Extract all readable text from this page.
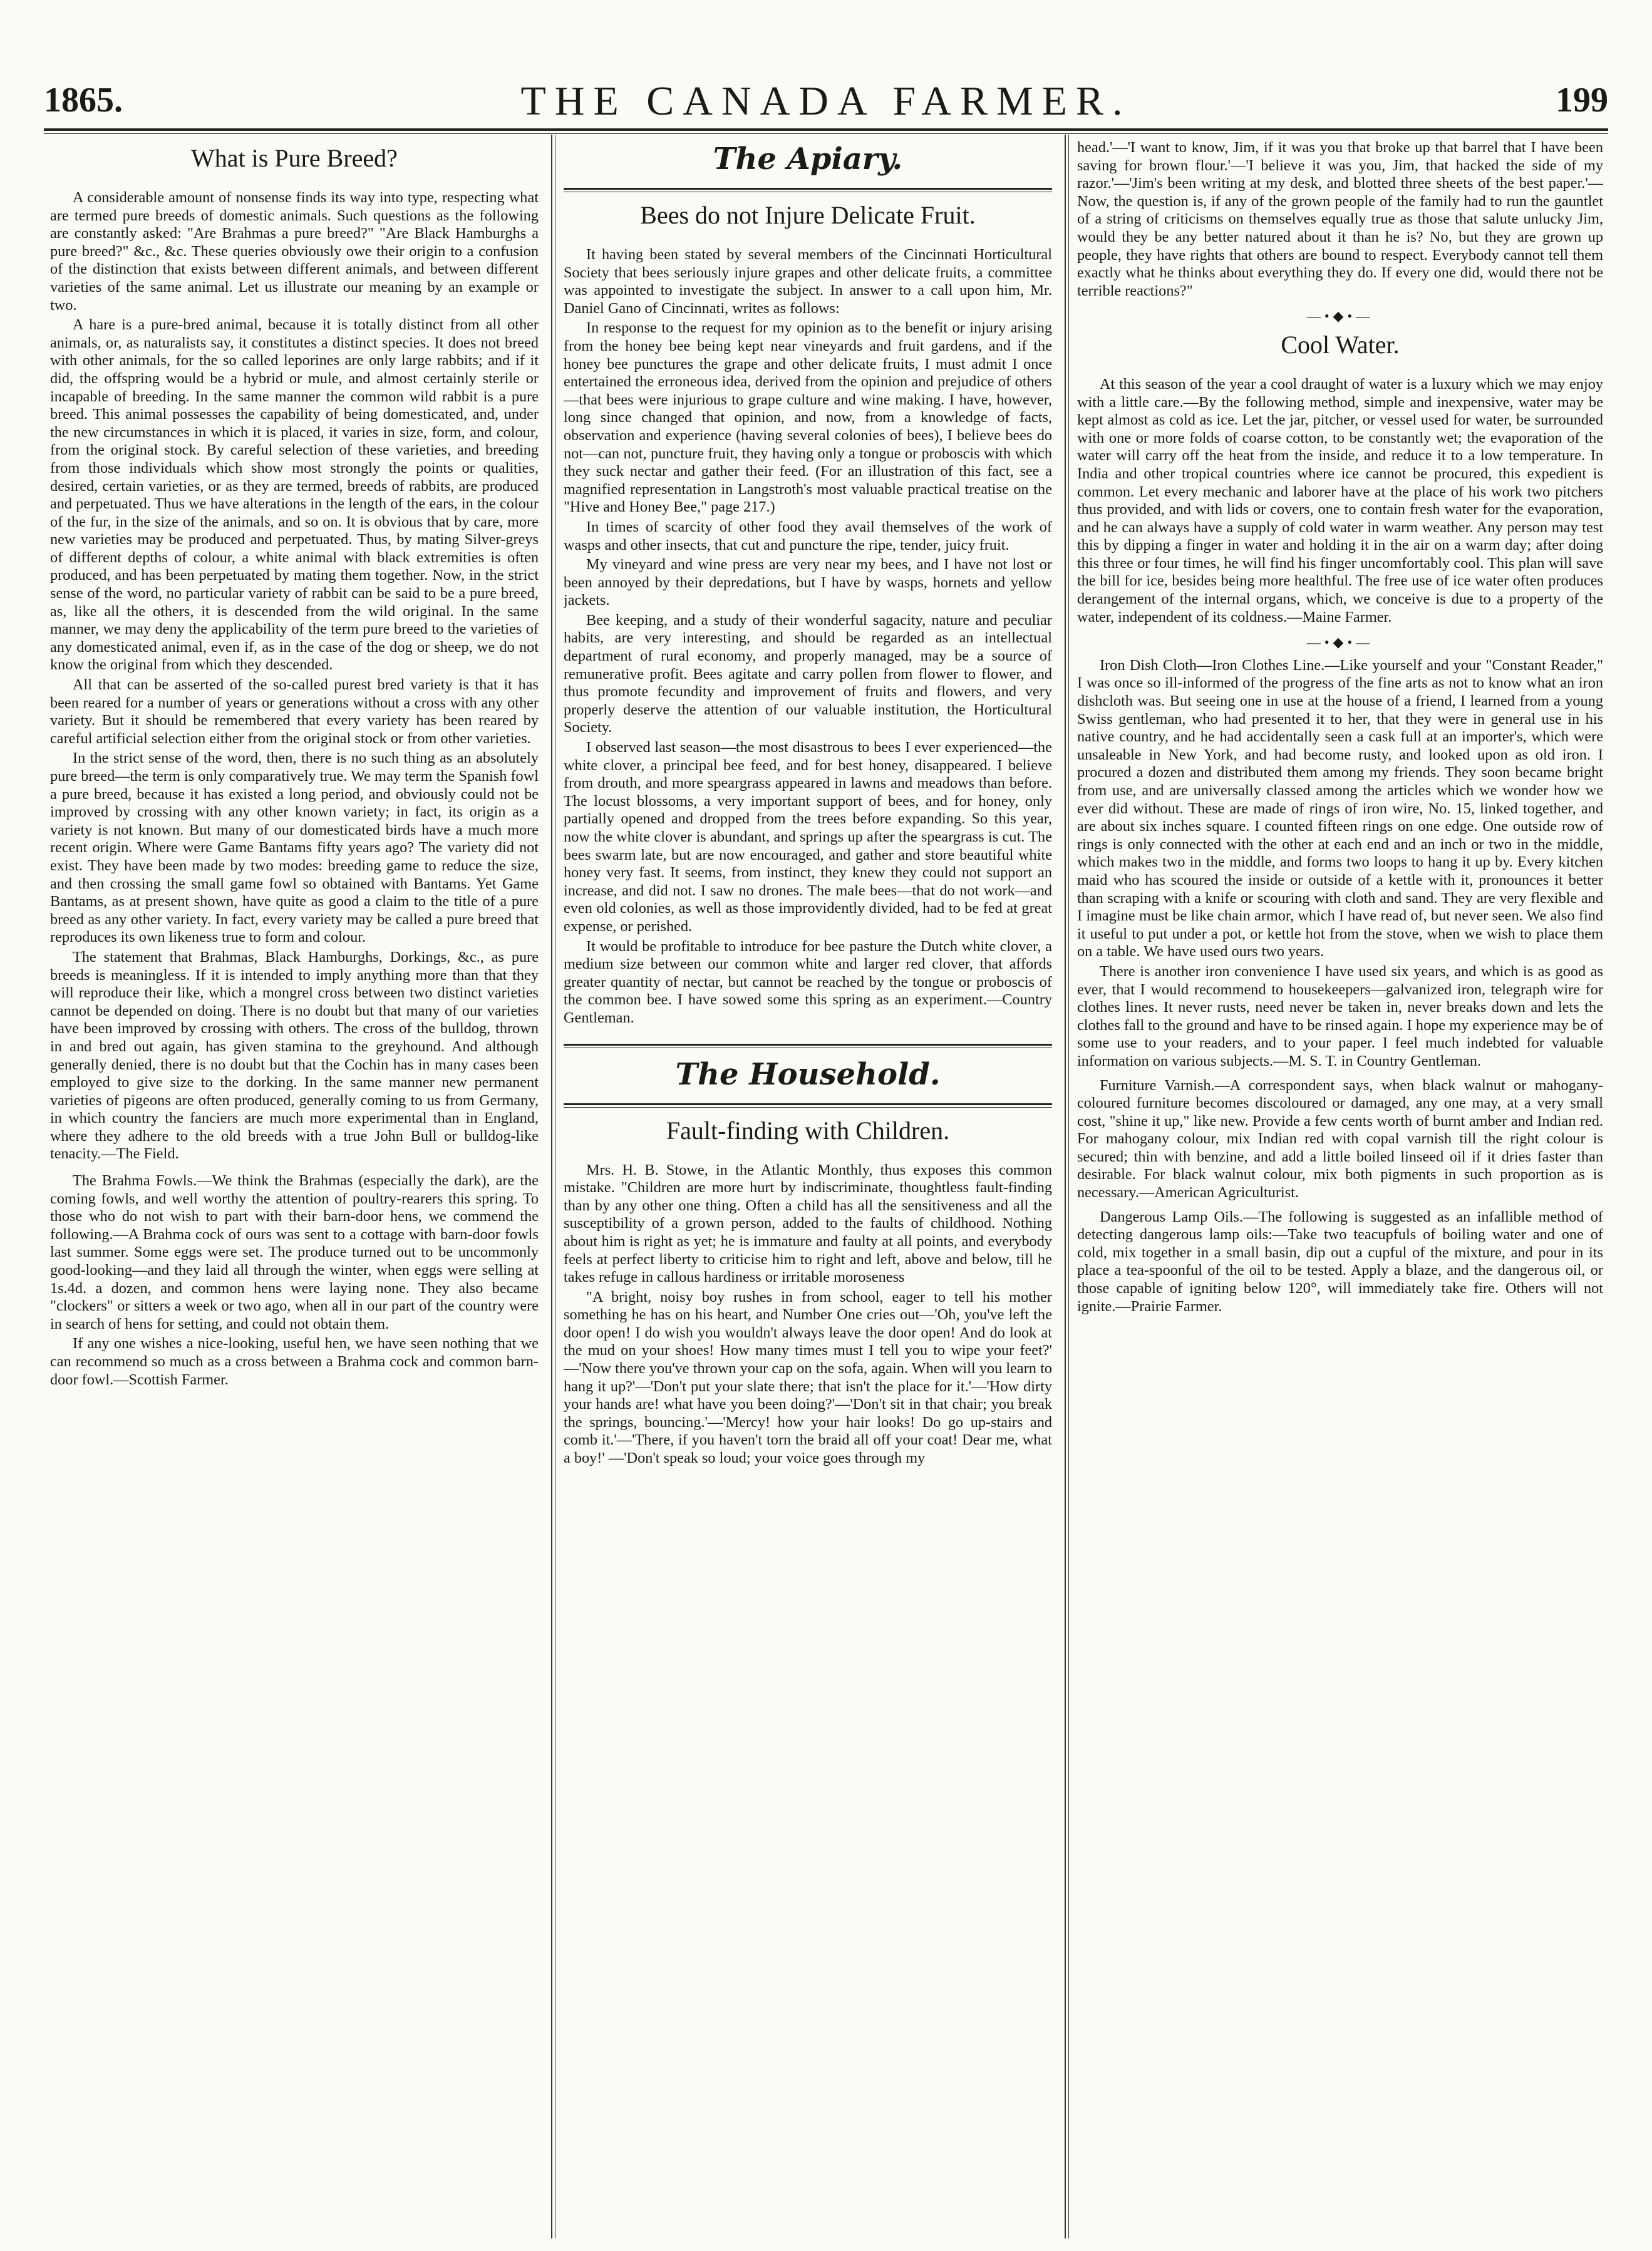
1865.	THE CANADA FARMER.	199
What is Pure Breed?

A considerable amount of nonsense finds its way into type, respecting what are termed pure breeds of domestic animals. Such questions as the following are constantly asked: "Are Brahmas a pure breed?" "Are Black Hamburghs a pure breed?" &c., &c. These queries obviously owe their origin to a confusion of the distinction that exists between different animals, and between different varieties of the same animal. Let us illustrate our meaning by an example or two.

A hare is a pure-bred animal, because it is totally distinct from all other animals, or, as naturalists say, it constitutes a distinct species. It does not breed with other animals, for the so called leporines are only large rabbits; and if it did, the offspring would be a hybrid or mule, and almost certainly sterile or incapable of breeding. In the same manner the common wild rabbit is a pure breed. This animal possesses the capability of being domesticated, and, under the new circumstances in which it is placed, it varies in size, form, and colour, from the original stock. By careful selection of these varieties, and breeding from those individuals which show most strongly the points or qualities, desired, certain varieties, or as they are termed, breeds of rabbits, are produced and perpetuated. Thus we have alterations in the length of the ears, in the colour of the fur, in the size of the animals, and so on. It is obvious that by care, more new varieties may be produced and perpetuated. Thus, by mating Silver-greys of different depths of colour, a white animal with black extremities is often produced, and has been perpetuated by mating them together. Now, in the strict sense of the word, no particular variety of rabbit can be said to be a pure breed, as, like all the others, it is descended from the wild original. In the same manner, we may deny the applicability of the term pure breed to the varieties of any domesticated animal, even if, as in the case of the dog or sheep, we do not know the original from which they descended.

All that can be asserted of the so-called purest bred variety is that it has been reared for a number of years or generations without a cross with any other variety. But it should be remembered that every variety has been reared by careful artificial selection either from the original stock or from other varieties.

In the strict sense of the word, then, there is no such thing as an absolutely pure breed—the term is only comparatively true. We may term the Spanish fowl a pure breed, because it has existed a long period, and obviously could not be improved by crossing with any other known variety; in fact, its origin as a variety is not known. But many of our domesticated birds have a much more recent origin. Where were Game Bantams fifty years ago? The variety did not exist. They have been made by two modes: breeding game to reduce the size, and then crossing the small game fowl so obtained with Bantams. Yet Game Bantams, as at present shown, have quite as good a claim to the title of a pure breed as any other variety. In fact, every variety may be called a pure breed that reproduces its own likeness true to form and colour.

The statement that Brahmas, Black Hamburghs, Dorkings, &c., as pure breeds is meaningless. If it is intended to imply anything more than that they will reproduce their like, which a mongrel cross between two distinct varieties cannot be depended on doing. There is no doubt but that many of our varieties have been improved by crossing with others. The cross of the bulldog, thrown in and bred out again, has given stamina to the greyhound. And although generally denied, there is no doubt but that the Cochin has in many cases been employed to give size to the dorking. In the same manner new permanent varieties of pigeons are often produced, generally coming to us from Germany, in which country the fanciers are much more experimental than in England, where they adhere to the old breeds with a true John Bull or bulldog-like tenacity.—The Field.

The Brahma Fowls.—We think the Brahmas (especially the dark), are the coming fowls, and well worthy the attention of poultry-rearers this spring. To those who do not wish to part with their barn-door hens, we commend the following.—A Brahma cock of ours was sent to a cottage with barn-door fowls last summer. Some eggs were set. The produce turned out to be uncommonly good-looking—and they laid all through the winter, when eggs were selling at 1s.4d. a dozen, and common hens were laying none. They also became "clockers" or sitters a week or two ago, when all in our part of the country were in search of hens for setting, and could not obtain them.

If any one wishes a nice-looking, useful hen, we have seen nothing that we can recommend so much as a cross between a Brahma cock and common barn-door fowl.—Scottish Farmer.

The Apiary.
Bees do not Injure Delicate Fruit.

It having been stated by several members of the Cincinnati Horticultural Society that bees seriously injure grapes and other delicate fruits, a committee was appointed to investigate the subject. In answer to a call upon him, Mr. Daniel Gano of Cincinnati, writes as follows:

In response to the request for my opinion as to the benefit or injury arising from the honey bee being kept near vineyards and fruit gardens, and if the honey bee punctures the grape and other delicate fruits, I must admit I once entertained the erroneous idea, derived from the opinion and prejudice of others—that bees were injurious to grape culture and wine making. I have, however, long since changed that opinion, and now, from a knowledge of facts, observation and experience (having several colonies of bees), I believe bees do not—can not, puncture fruit, they having only a tongue or proboscis with which they suck nectar and gather their feed. (For an illustration of this fact, see a magnified representation in Langstroth's most valuable practical treatise on the "Hive and Honey Bee," page 217.)

In times of scarcity of other food they avail themselves of the work of wasps and other insects, that cut and puncture the ripe, tender, juicy fruit.

My vineyard and wine press are very near my bees, and I have not lost or been annoyed by their depredations, but I have by wasps, hornets and yellow jackets.

Bee keeping, and a study of their wonderful sagacity, nature and peculiar habits, are very interesting, and should be regarded as an intellectual department of rural economy, and properly managed, may be a source of remunerative profit. Bees agitate and carry pollen from flower to flower, and thus promote fecundity and improvement of fruits and flowers, and very properly deserve the attention of our valuable institution, the Horticultural Society.

I observed last season—the most disastrous to bees I ever experienced—the white clover, a principal bee feed, and for best honey, disappeared. I believe from drouth, and more speargrass appeared in lawns and meadows than before. The locust blossoms, a very important support of bees, and for honey, only partially opened and dropped from the trees before expanding. So this year, now the white clover is abundant, and springs up after the speargrass is cut. The bees swarm late, but are now encouraged, and gather and store beautiful white honey very fast. It seems, from instinct, they knew they could not support an increase, and did not. I saw no drones. The male bees—that do not work—and even old colonies, as well as those improvidently divided, had to be fed at great expense, or perished.

It would be profitable to introduce for bee pasture the Dutch white clover, a medium size between our common white and larger red clover, that affords greater quantity of nectar, but cannot be reached by the tongue or proboscis of the common bee. I have sowed some this spring as an experiment.—Country Gentleman.

The Household.
Fault-finding with Children.

Mrs. H. B. Stowe, in the Atlantic Monthly, thus exposes this common mistake. "Children are more hurt by indiscriminate, thoughtless fault-finding than by any other one thing. Often a child has all the sensitiveness and all the susceptibility of a grown person, added to the faults of childhood. Nothing about him is right as yet; he is immature and faulty at all points, and everybody feels at perfect liberty to criticise him to right and left, above and below, till he takes refuge in callous hardiness or irritable moroseness

"A bright, noisy boy rushes in from school, eager to tell his mother something he has on his heart, and Number One cries out—'Oh, you've left the door open! I do wish you wouldn't always leave the door open! And do look at the mud on your shoes! How many times must I tell you to wipe your feet?' —'Now there you've thrown your cap on the sofa, again. When will you learn to hang it up?'—'Don't put your slate there; that isn't the place for it.'—'How dirty your hands are! what have you been doing?'—'Don't sit in that chair; you break the springs, bouncing.'—'Mercy! how your hair looks! Do go up-stairs and comb it.'—'There, if you haven't torn the braid all off your coat! Dear me, what a boy!' —'Don't speak so loud; your voice goes through my

head.'—'I want to know, Jim, if it was you that broke up that barrel that I have been saving for brown flour.'—'I believe it was you, Jim, that hacked the side of my razor.'—'Jim's been writing at my desk, and blotted three sheets of the best paper.'—Now, the question is, if any of the grown people of the family had to run the gauntlet of a string of criticisms on themselves equally true as those that salute unlucky Jim, would they be any better natured about it than he is? No, but they are grown up people, they have rights that others are bound to respect. Everybody cannot tell them exactly what he thinks about everything they do. If every one did, would there not be terrible reactions?"

—•◆•—
Cool Water.

At this season of the year a cool draught of water is a luxury which we may enjoy with a little care.—By the following method, simple and inexpensive, water may be kept almost as cold as ice. Let the jar, pitcher, or vessel used for water, be surrounded with one or more folds of coarse cotton, to be constantly wet; the evaporation of the water will carry off the heat from the inside, and reduce it to a low temperature. In India and other tropical countries where ice cannot be procured, this expedient is common. Let every mechanic and laborer have at the place of his work two pitchers thus provided, and with lids or covers, one to contain fresh water for the evaporation, and he can always have a supply of cold water in warm weather. Any person may test this by dipping a finger in water and holding it in the air on a warm day; after doing this three or four times, he will find his finger uncomfortably cool. This plan will save the bill for ice, besides being more healthful. The free use of ice water often produces derangement of the internal organs, which, we conceive is due to a property of the water, independent of its coldness.—Maine Farmer.

—•◆•—

Iron Dish Cloth—Iron Clothes Line.—Like yourself and your "Constant Reader," I was once so ill-informed of the progress of the fine arts as not to know what an iron dishcloth was. But seeing one in use at the house of a friend, I learned from a young Swiss gentleman, who had presented it to her, that they were in general use in his native country, and he had accidentally seen a cask full at an importer's, which were unsaleable in New York, and had become rusty, and looked upon as old iron. I procured a dozen and distributed them among my friends. They soon became bright from use, and are universally classed among the articles which we wonder how we ever did without. These are made of rings of iron wire, No. 15, linked together, and are about six inches square. I counted fifteen rings on one edge. One outside row of rings is only connected with the other at each end and an inch or two in the middle, which makes two in the middle, and forms two loops to hang it up by. Every kitchen maid who has scoured the inside or outside of a kettle with it, pronounces it better than scraping with a knife or scouring with cloth and sand. They are very flexible and I imagine must be like chain armor, which I have read of, but never seen. We also find it useful to put under a pot, or kettle hot from the stove, when we wish to place them on a table. We have used ours two years.

There is another iron convenience I have used six years, and which is as good as ever, that I would recommend to housekeepers—galvanized iron, telegraph wire for clothes lines. It never rusts, need never be taken in, never breaks down and lets the clothes fall to the ground and have to be rinsed again. I hope my experience may be of some use to your readers, and to your paper. I feel much indebted for valuable information on various subjects.—M. S. T. in Country Gentleman.

Furniture Varnish.—A correspondent says, when black walnut or mahogany-coloured furniture becomes discoloured or damaged, any one may, at a very small cost, "shine it up," like new. Provide a few cents worth of burnt amber and Indian red. For mahogany colour, mix Indian red with copal varnish till the right colour is secured; thin with benzine, and add a little boiled linseed oil if it dries faster than desirable. For black walnut colour, mix both pigments in such proportion as is necessary.—American Agriculturist.

Dangerous Lamp Oils.—The following is suggested as an infallible method of detecting dangerous lamp oils:—Take two teacupfuls of boiling water and one of cold, mix together in a small basin, dip out a cupful of the mixture, and pour in its place a tea-spoonful of the oil to be tested. Apply a blaze, and the dangerous oil, or those capable of igniting below 120°, will immediately take fire. Others will not ignite.—Prairie Farmer.
